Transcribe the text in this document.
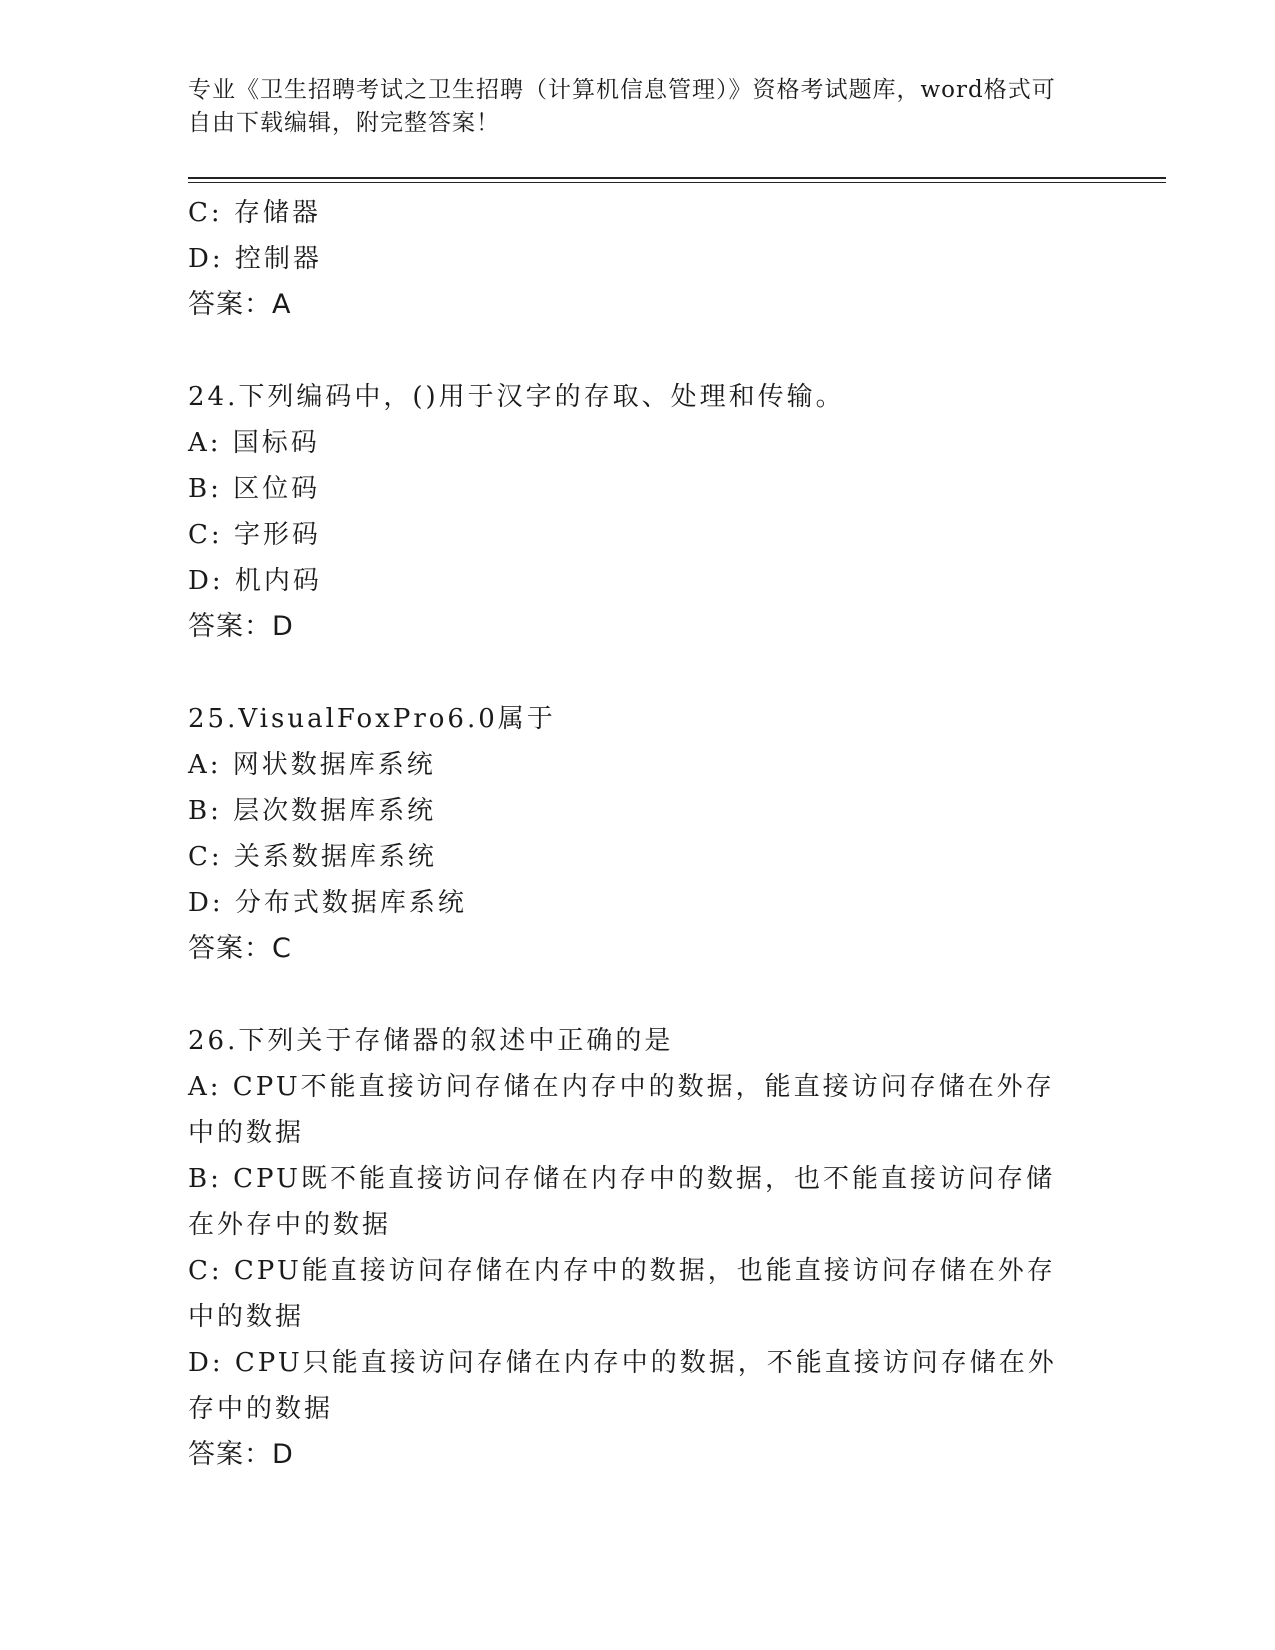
专业《卫生招聘考试之卫生招聘（计算机信息管理）》资格考试题库，word格式可自由下载编辑，附完整答案！
C: 存储器
D: 控制器
答案：A
24.下列编码中，()用于汉字的存取、处理和传输。
A: 国标码
B: 区位码
C: 字形码
D: 机内码
答案：D
25.VisualFoxPro6.0属于
A: 网状数据库系统
B: 层次数据库系统
C: 关系数据库系统
D: 分布式数据库系统
答案：C
26.下列关于存储器的叙述中正确的是
A: CPU不能直接访问存储在内存中的数据，能直接访问存储在外存中的数据
B: CPU既不能直接访问存储在内存中的数据，也不能直接访问存储在外存中的数据
C: CPU能直接访问存储在内存中的数据，也能直接访问存储在外存中的数据
D: CPU只能直接访问存储在内存中的数据，不能直接访问存储在外存中的数据
答案：D
